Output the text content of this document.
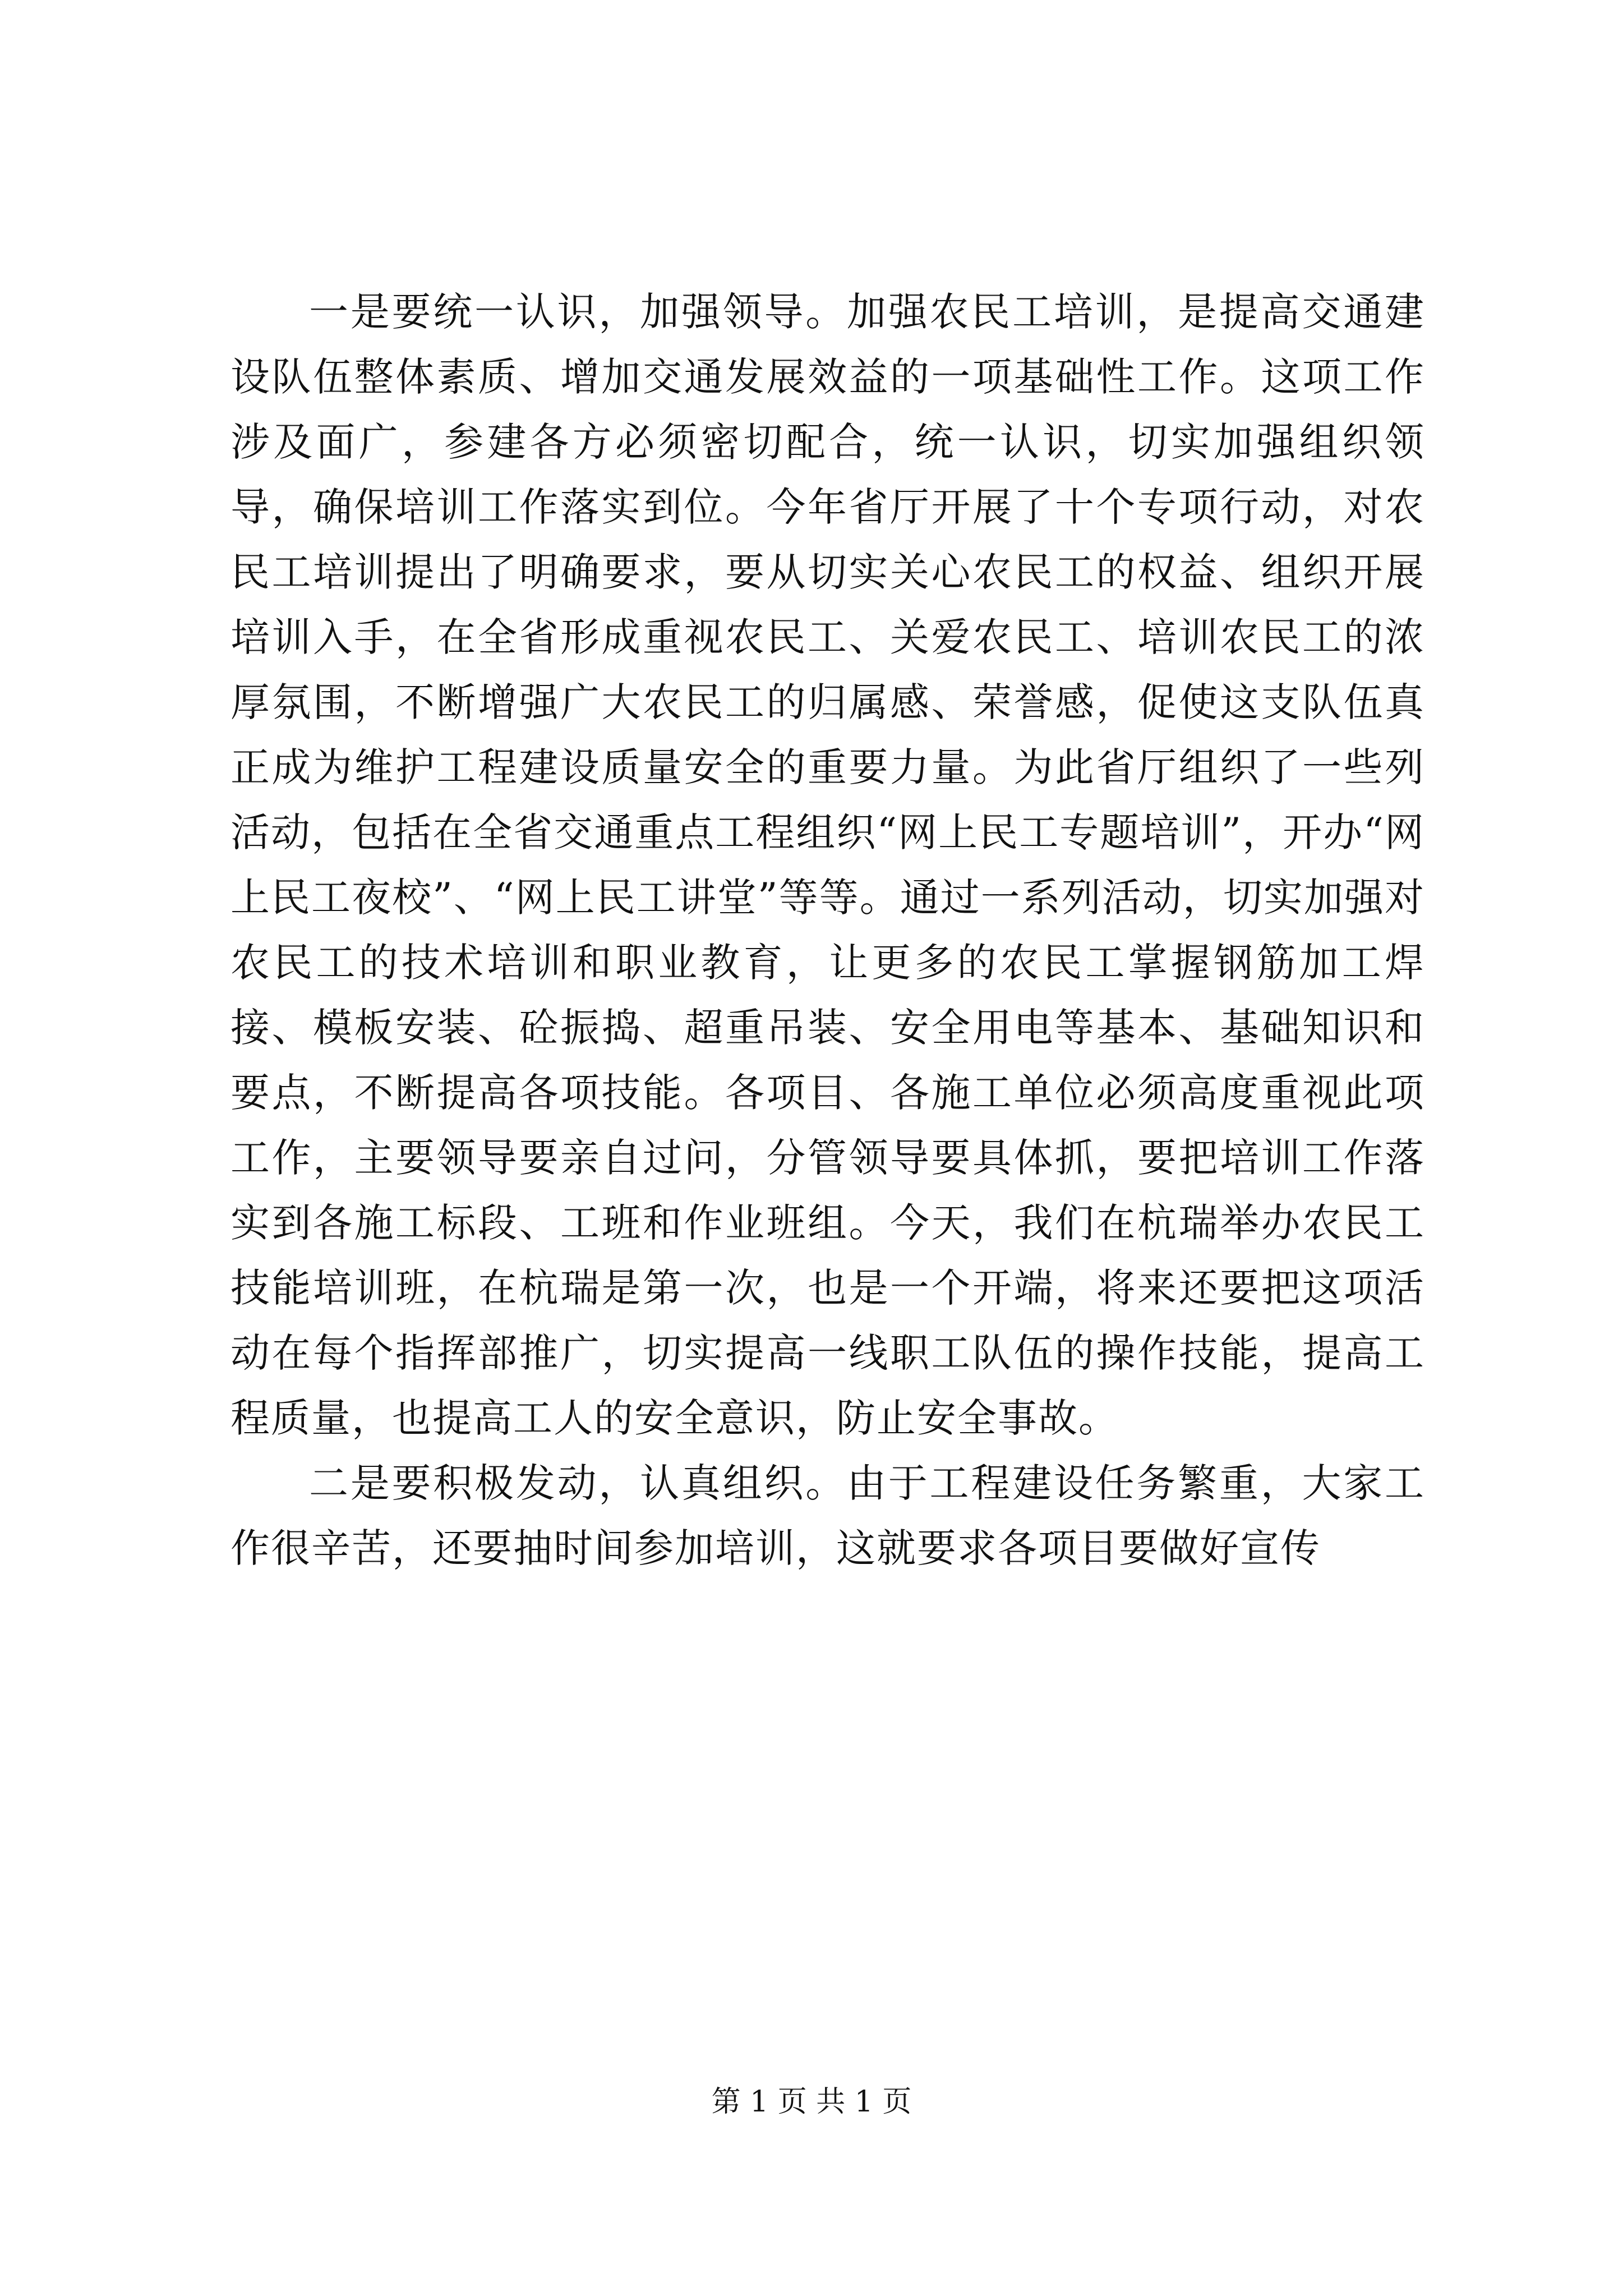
一是要统一认识，加强领导。加强农民工培训，是提高交通建设队伍整体素质、增加交通发展效益的一项基础性工作。这项工作涉及面广，参建各方必须密切配合，统一认识，切实加强组织领导，确保培训工作落实到位。今年省厅开展了十个专项行动，对农民工培训提出了明确要求，要从切实关心农民工的权益、组织开展培训入手，在全省形成重视农民工、关爱农民工、培训农民工的浓厚氛围，不断增强广大农民工的归属感、荣誉感，促使这支队伍真正成为维护工程建设质量安全的重要力量。为此省厅组织了一些列活动，包括在全省交通重点工程组织“网上民工专题培训”，开办“网上民工夜校”、“网上民工讲堂”等等。通过一系列活动，切实加强对农民工的技术培训和职业教育，让更多的农民工掌握钢筋加工焊接、模板安装、砼振捣、超重吊装、安全用电等基本、基础知识和要点，不断提高各项技能。各项目、各施工单位必须高度重视此项工作，主要领导要亲自过问，分管领导要具体抓，要把培训工作落实到各施工标段、工班和作业班组。今天，我们在杭瑞举办农民工技能培训班，在杭瑞是第一次，也是一个开端，将来还要把这项活动在每个指挥部推广，切实提高一线职工队伍的操作技能，提高工程质量，也提高工人的安全意识，防止安全事故。

二是要积极发动，认真组织。由于工程建设任务繁重，大家工作很辛苦，还要抽时间参加培训，这就要求各项目要做好宣传

第 1 页 共 1 页
